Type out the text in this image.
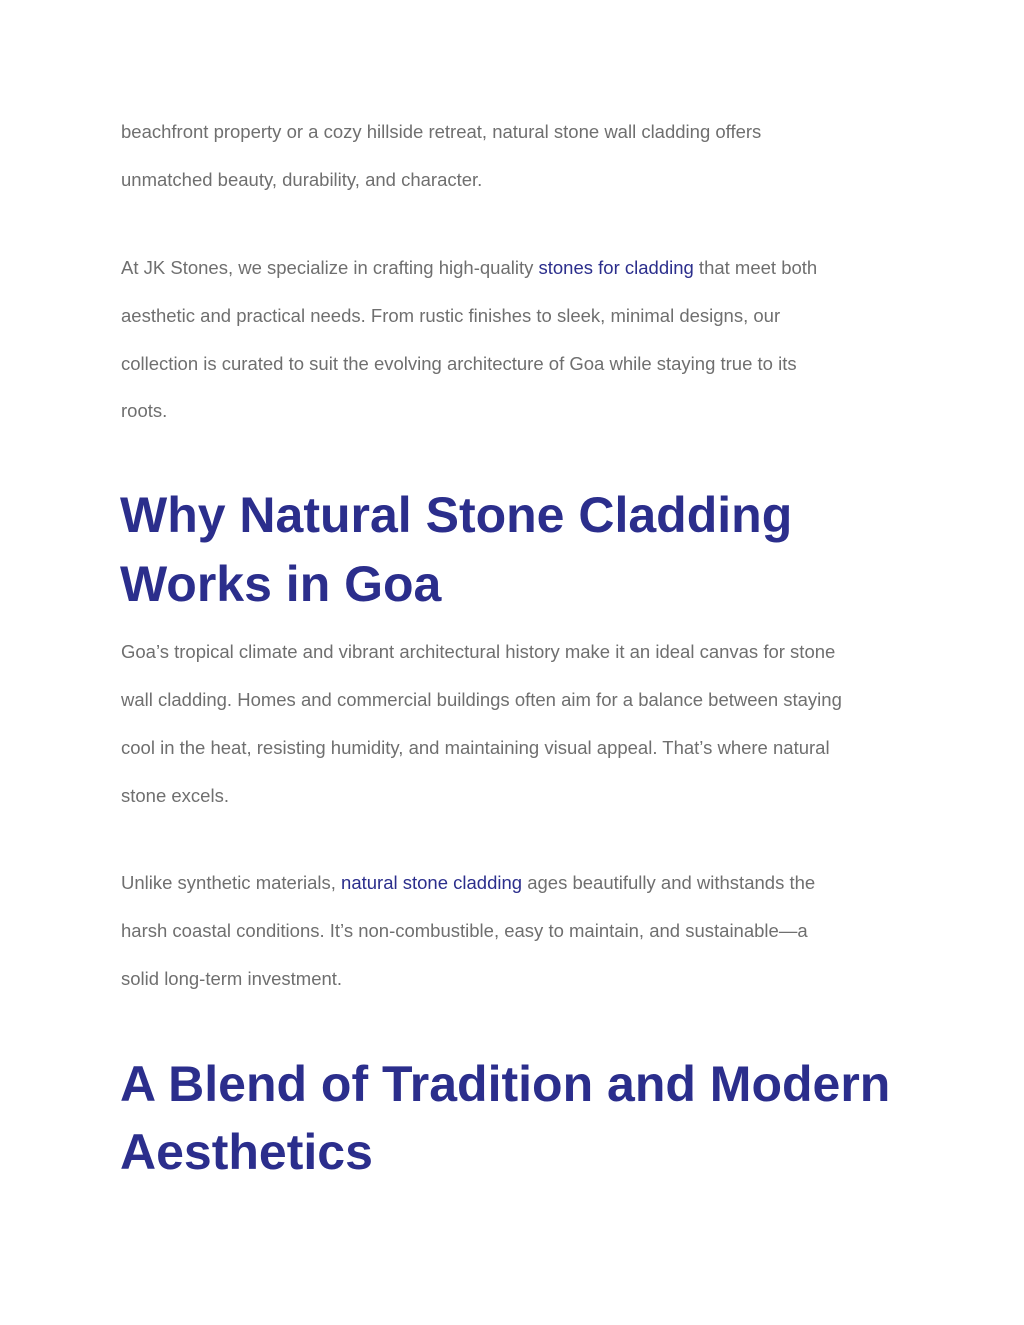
beachfront property or a cozy hillside retreat, natural stone wall cladding offers
unmatched beauty, durability, and character.
At JK Stones, we specialize in crafting high-quality stones for cladding that meet both
aesthetic and practical needs. From rustic finishes to sleek, minimal designs, our
collection is curated to suit the evolving architecture of Goa while staying true to its
roots.
Why Natural Stone Cladding
Works in Goa
Goa’s tropical climate and vibrant architectural history make it an ideal canvas for stone
wall cladding. Homes and commercial buildings often aim for a balance between staying
cool in the heat, resisting humidity, and maintaining visual appeal. That’s where natural
stone excels.
Unlike synthetic materials, natural stone cladding ages beautifully and withstands the
harsh coastal conditions. It’s non-combustible, easy to maintain, and sustainable—a
solid long-term investment.
A Blend of Tradition and Modern
Aesthetics
